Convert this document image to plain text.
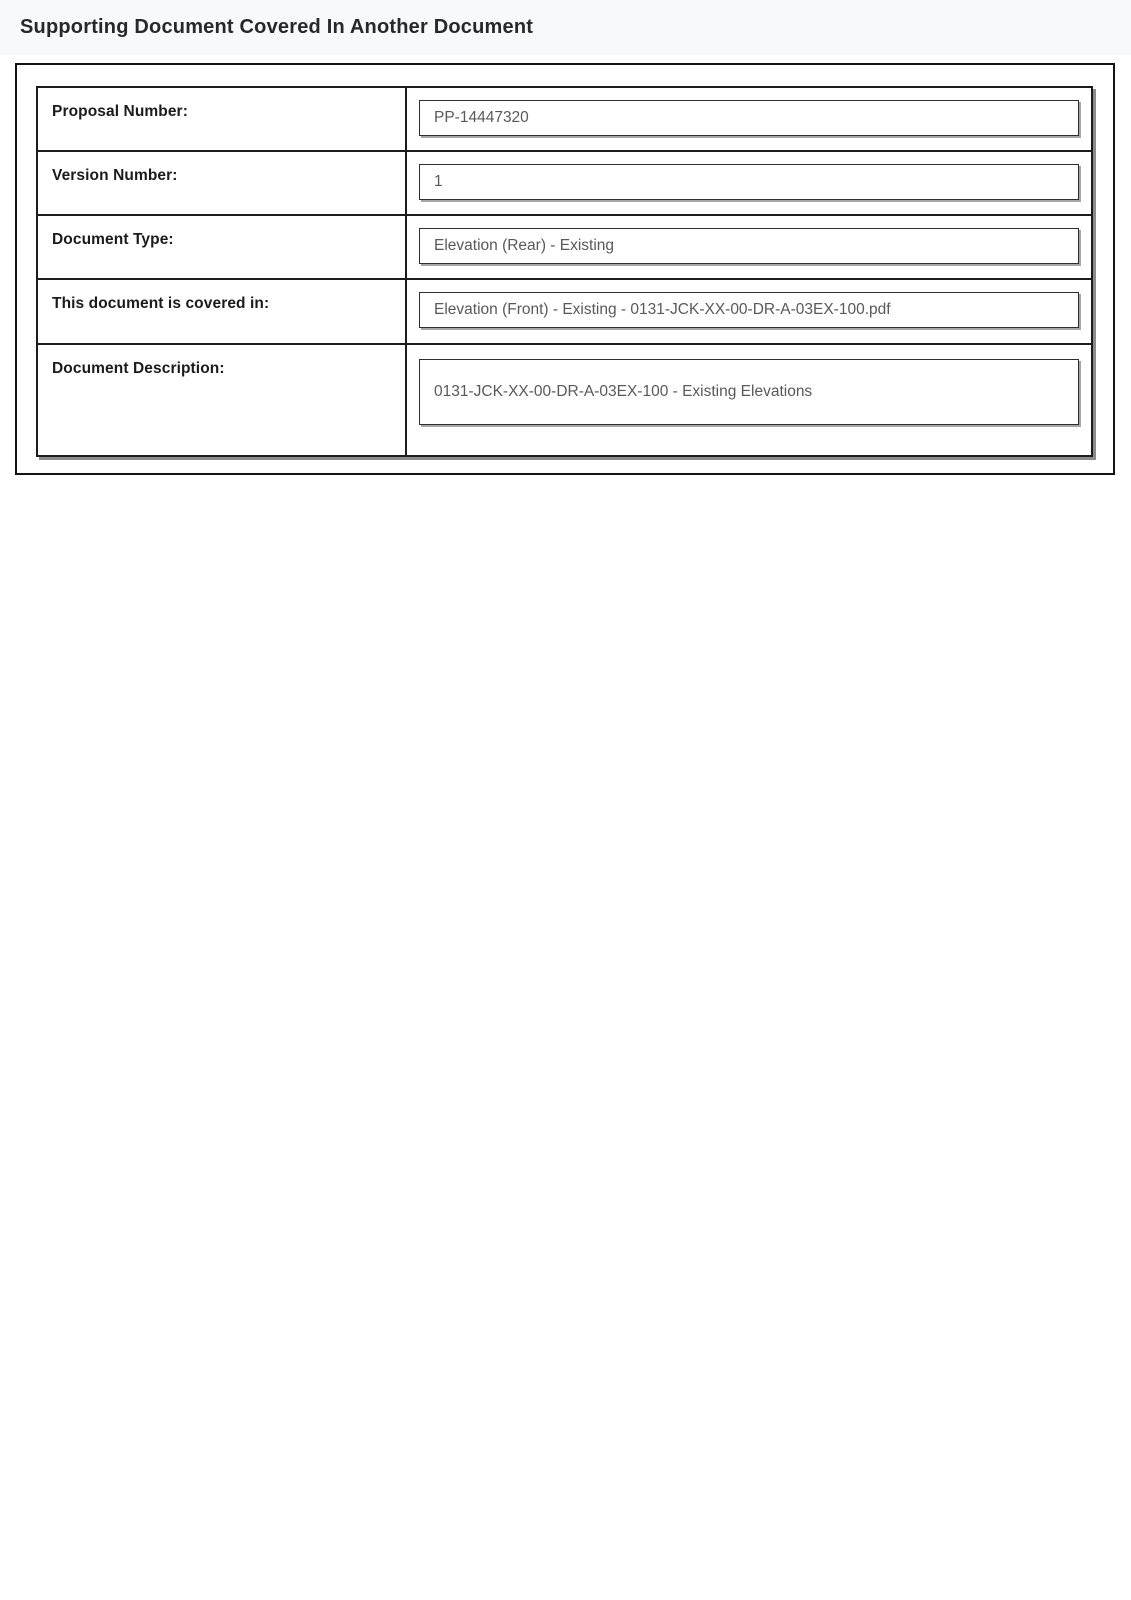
Supporting Document Covered In Another Document
Proposal Number:	PP-14447320
Version Number:	1
Document Type:	Elevation (Rear) - Existing
This document is covered in:	Elevation (Front) - Existing - 0131-JCK-XX-00-DR-A-03EX-100.pdf
Document Description:
0131-JCK-XX-00-DR-A-03EX-100 - Existing Elevations
